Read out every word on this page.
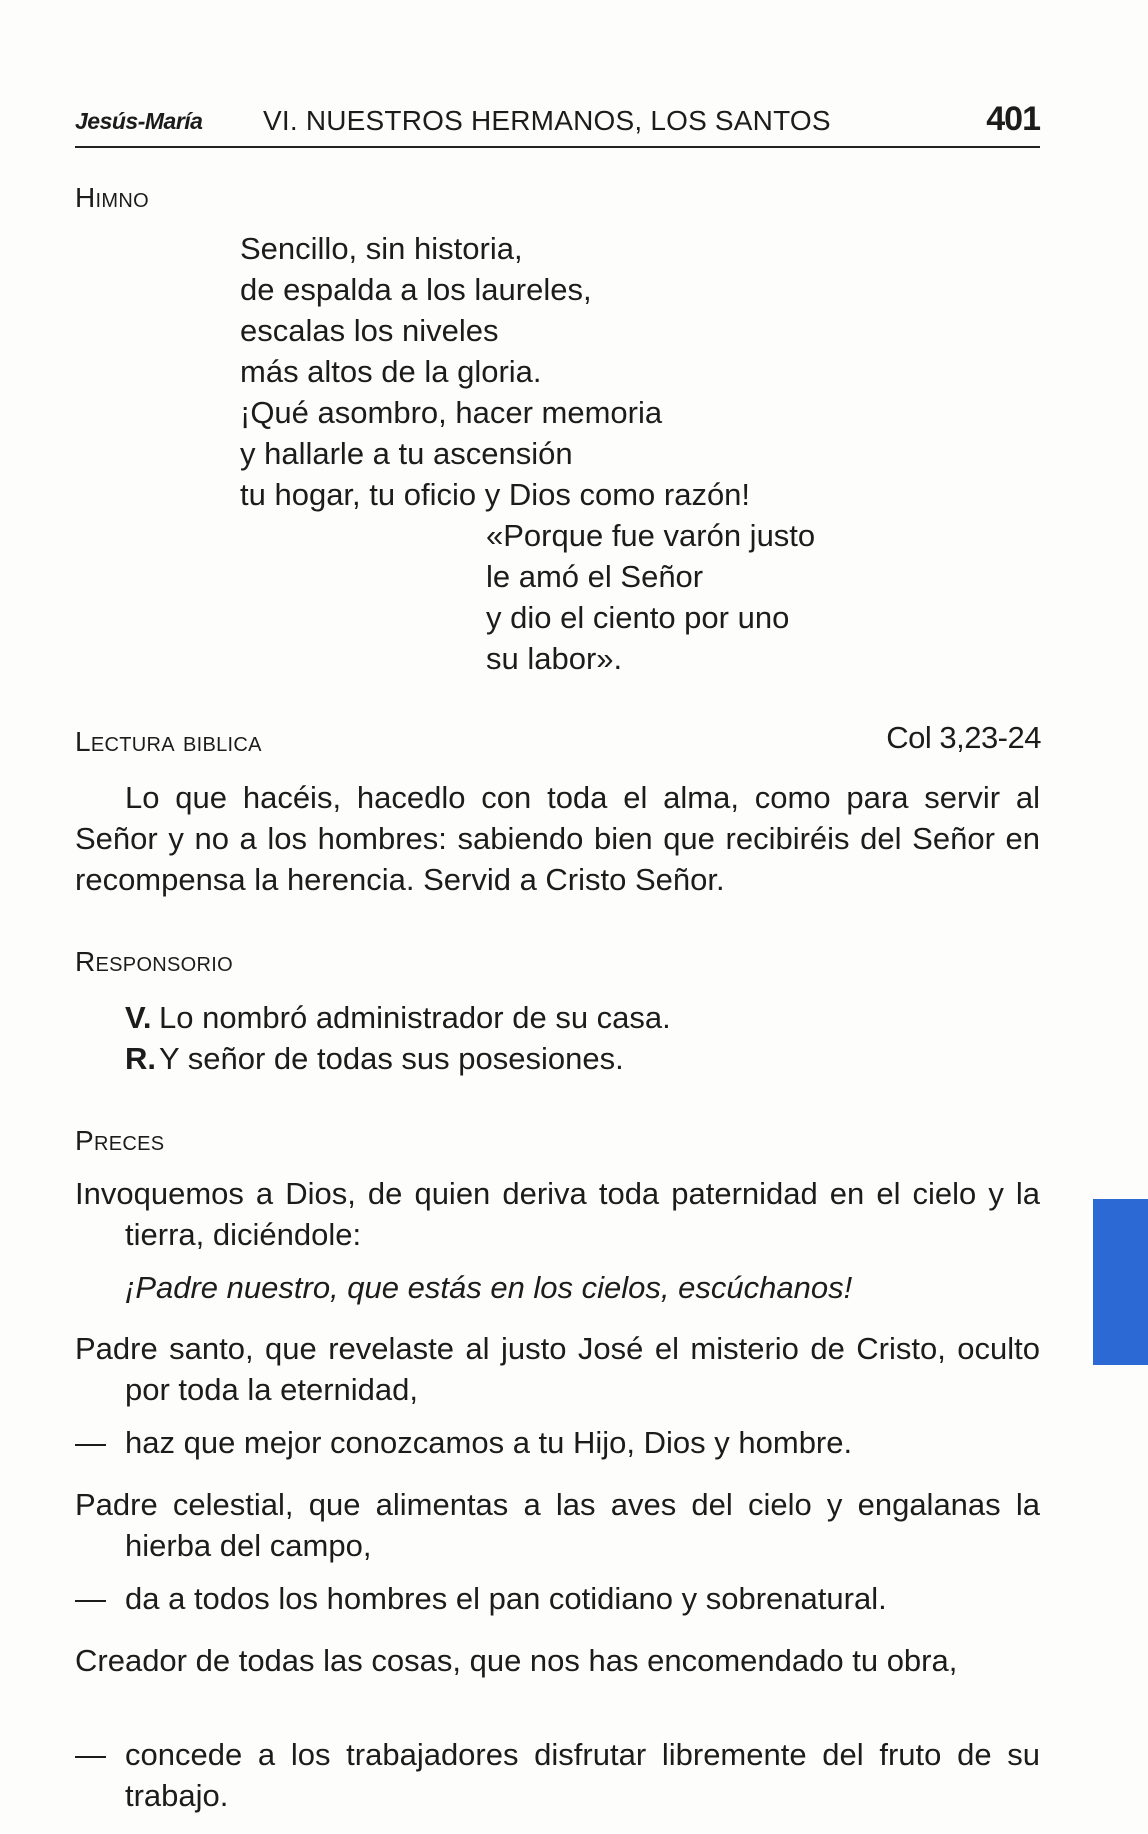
Jesús-María VI. NUESTROS HERMANOS, LOS SANTOS	401
Himno
Sencillo, sin historia,
de espalda a los laureles,
escalas los niveles
más altos de la gloria.
¡Qué asombro, hacer memoria
y hallarle a tu ascensión
tu hogar, tu oficio y Dios como razón!
«Porque fue varón justo
le amó el Señor
y dio el ciento por uno
su labor».
Lectura biblica	Col 3,23-24
Lo que hacéis, hacedlo con toda el alma, como para servir al Señor y no a los hombres: sabiendo bien que recibiréis del Señor en recompensa la herencia. Servid a Cristo Señor.
Responsorio
V. Lo nombró administrador de su casa.
R.Y señor de todas sus posesiones.
Preces
Invoquemos a Dios, de quien deriva toda paternidad en el cielo y la tierra, diciéndole:
¡Padre nuestro, que estás en los cielos, escúchanos!
Padre santo, que revelaste al justo José el misterio de Cristo, oculto por toda la eternidad,
— haz que mejor conozcamos a tu Hijo, Dios y hombre.
Padre celestial, que alimentas a las aves del cielo y engalanas la hierba del campo,
— da a todos los hombres el pan cotidiano y sobrenatural.
Creador de todas las cosas, que nos has encomendado tu obra,
— concede a los trabajadores disfrutar libremente del fruto de su trabajo.
